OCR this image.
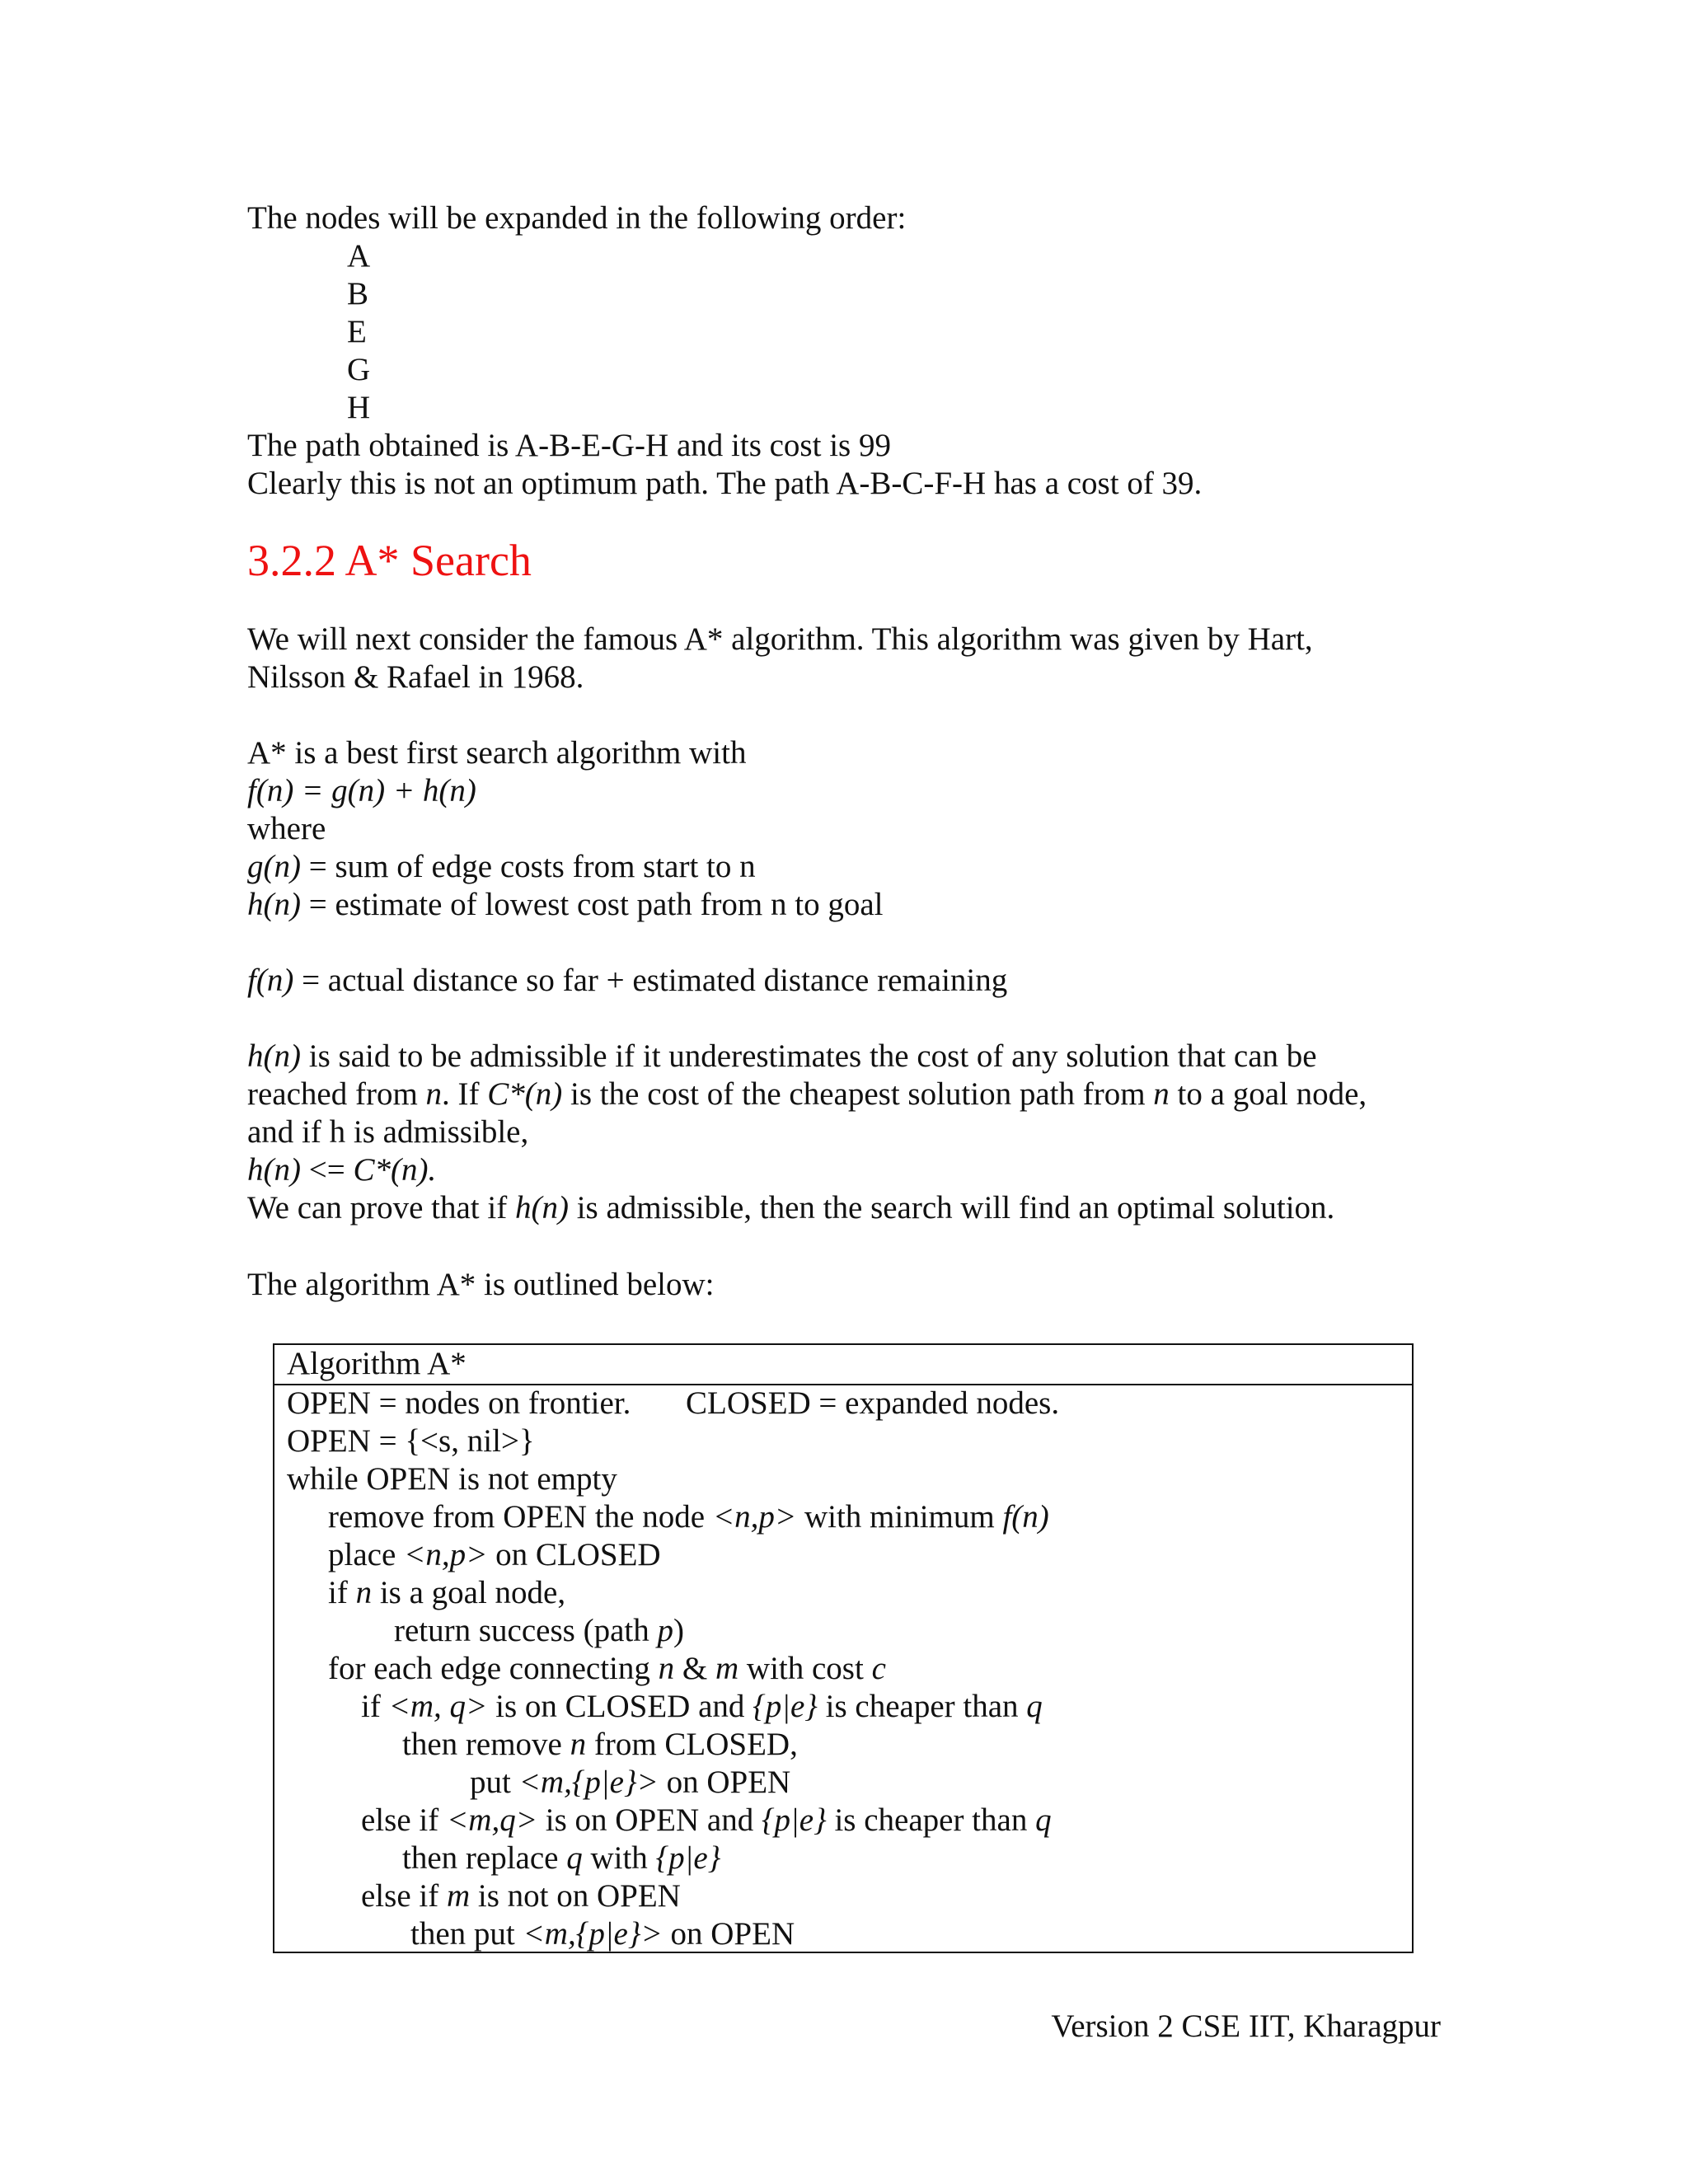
The nodes will be expanded in the following order:
A
B
E
G
H
The path obtained is A-B-E-G-H and its cost is 99
Clearly this is not an optimum path. The path A-B-C-F-H has a cost of 39.
3.2.2 A* Search
We will next consider the famous A* algorithm. This algorithm was given by Hart,
Nilsson & Rafael in 1968.
A* is a best first search algorithm with
f(n) = g(n) + h(n)
where
g(n) = sum of edge costs from start to n
h(n) = estimate of lowest cost path from n to goal
f(n) = actual distance so far + estimated distance remaining
h(n) is said to be admissible if it underestimates the cost of any solution that can be
reached from n. If C*(n) is the cost of the cheapest solution path from n to a goal node,
and if h is admissible,
h(n) <= C*(n).
We can prove that if h(n) is admissible, then the search will find an optimal solution.
The algorithm A* is outlined below:
Algorithm A*
OPEN = nodes on frontier. CLOSED = expanded nodes.
OPEN = {<s, nil>}
while OPEN is not empty
remove from OPEN the node <n,p> with minimum f(n)
place <n,p> on CLOSED
if n is a goal node,
return success (path p)
for each edge connecting n & m with cost c
if <m, q> is on CLOSED and {p|e} is cheaper than q
then remove n from CLOSED,
put <m,{p|e}> on OPEN
else if <m,q> is on OPEN and {p|e} is cheaper than q
then replace q with {p|e}
else if m is not on OPEN
then put <m,{p|e}> on OPEN
Version 2 CSE IIT, Kharagpur
